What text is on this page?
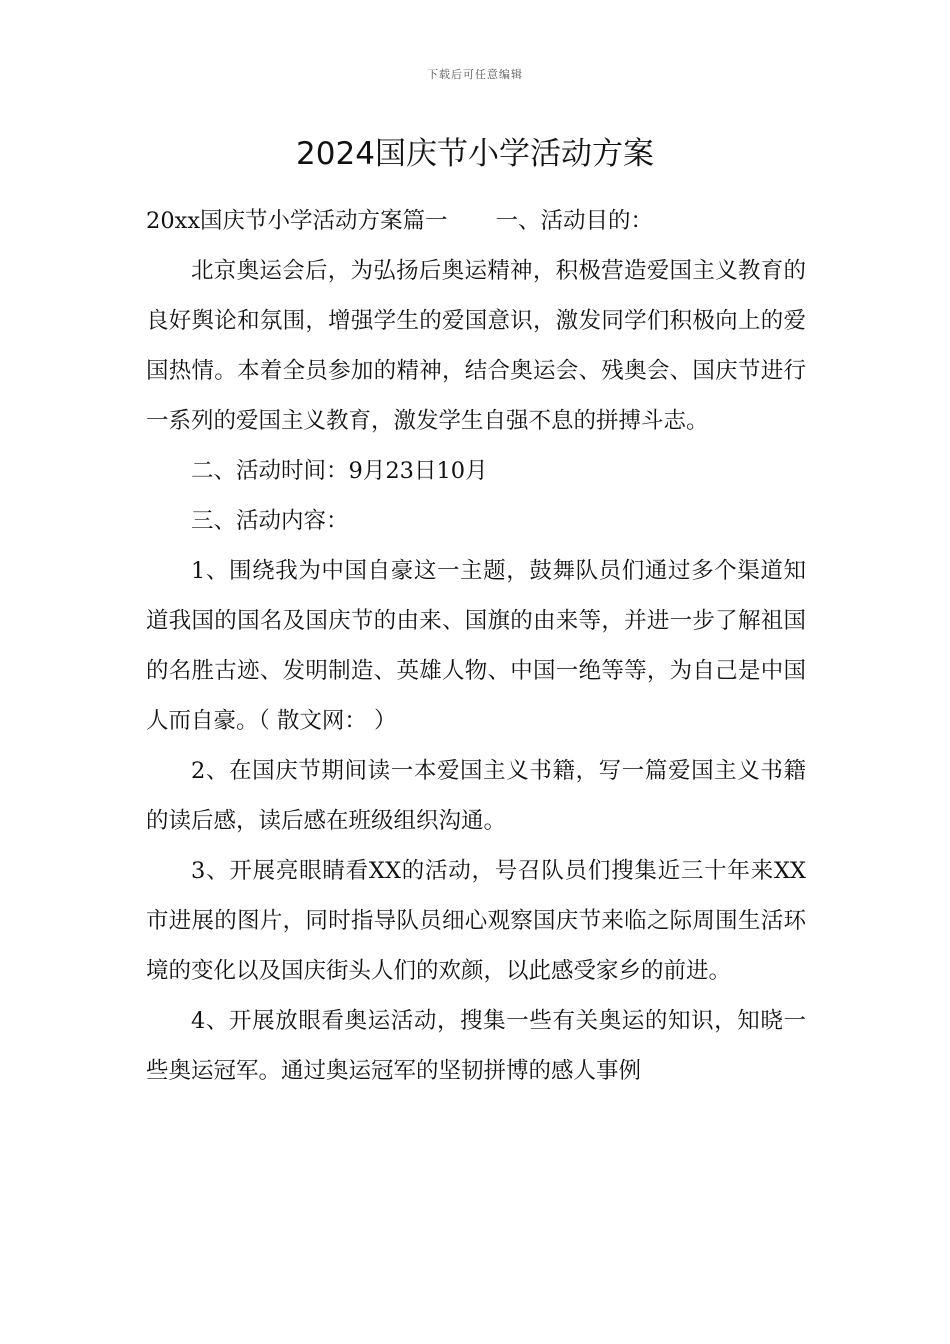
下载后可任意编辑
2024国庆节小学活动方案

20xx国庆节小学活动方案篇一 一、活动目的：

北京奥运会后，为弘扬后奥运精神，积极营造爱国主义教育的良好舆论和氛围，增强学生的爱国意识，激发同学们积极向上的爱国热情。本着全员参加的精神，结合奥运会、残奥会、国庆节进行一系列的爱国主义教育，激发学生自强不息的拼搏斗志。

二、活动时间：9月23日10月

三、活动内容：

1、围绕我为中国自豪这一主题，鼓舞队员们通过多个渠道知道我国的国名及国庆节的由来、国旗的由来等，并进一步了解祖国的名胜古迹、发明制造、英雄人物、中国一绝等等，为自己是中国人而自豪。（ 散文网： ）

2、在国庆节期间读一本爱国主义书籍，写一篇爱国主义书籍的读后感，读后感在班级组织沟通。

3、开展亮眼睛看XX的活动，号召队员们搜集近三十年来XX市进展的图片，同时指导队员细心观察国庆节来临之际周围生活环境的变化以及国庆街头人们的欢颜，以此感受家乡的前进。

4、开展放眼看奥运活动，搜集一些有关奥运的知识，知晓一些奥运冠军。通过奥运冠军的坚韧拼博的感人事例
